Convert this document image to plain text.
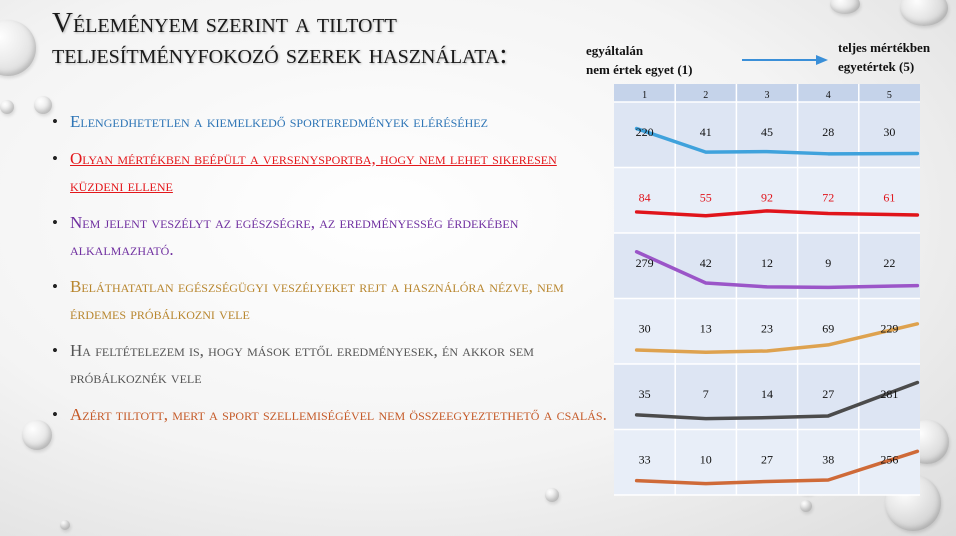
Véleményem szerint a tiltott teljesítményfokozó szerek használata:
• Elengedhetetlen a kiemelkedő sporteredmények eléréséhez
• Olyan mértékben beépült a versenysportba, hogy nem lehet sikeresen küzdeni ellene
• Nem jelent veszélyt az egészségre, az eredményesség érdekében alkalmazható.
• Beláthatatlan egészségügyi veszélyeket rejt a használóra nézve, nem érdemes próbálkozni vele
• Ha feltételezem is, hogy mások ettől eredményesek, én akkor sem próbálkoznék vele
• Azért tiltott, mert a sport szellemiségével nem összeegyeztethető a csalás.
egyáltalán
nem értek egyet (1)
teljes mértékben
egyetértek (5)
1	2	3	4	5
220	41	45	28	30
84	55	92	72	61
279	42	12	9	22
30	13	23	69	229
35	7	14	27	281
33	10	27	38	256
